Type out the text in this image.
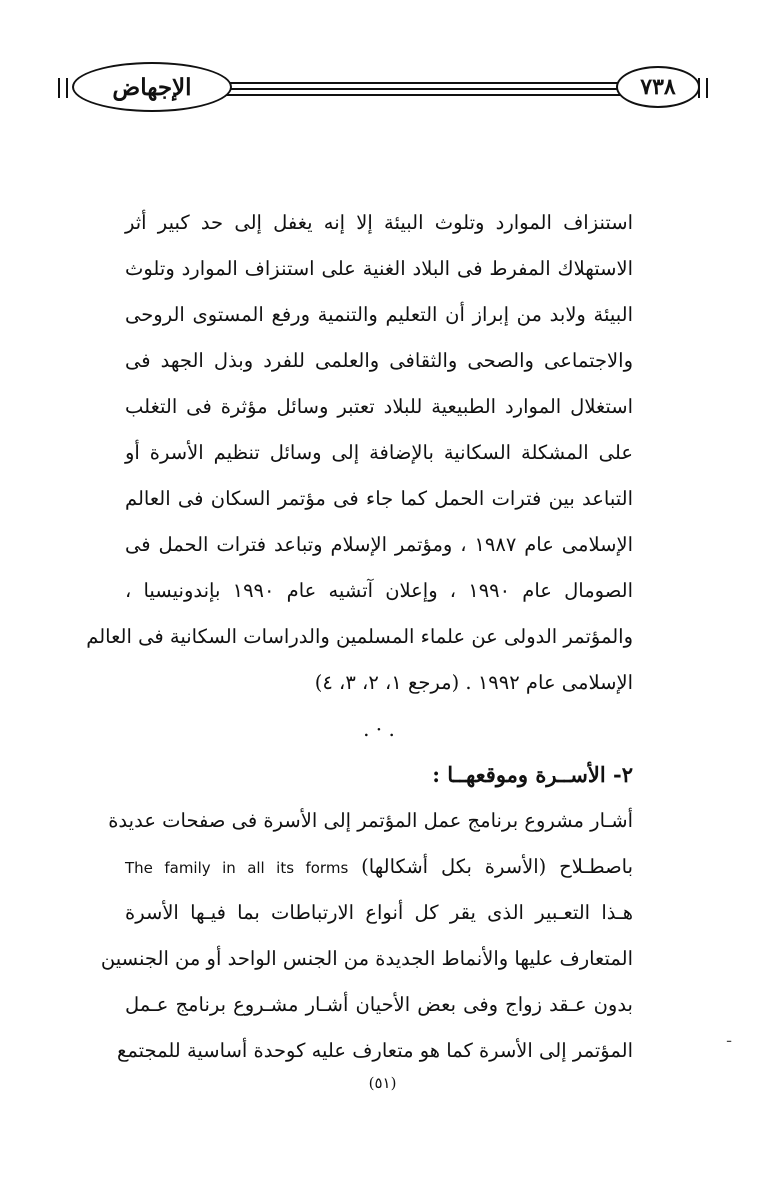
الإجهاض	٧٣٨
استنزاف الموارد وتلوث البيئة إلا إنه يغفل إلى حد كبير أثر
الاستهلاك المفرط فى البلاد الغنية على استنزاف الموارد وتلوث
البيئة ولابد من إبراز أن التعليم والتنمية ورفع المستوى الروحى
والاجتماعى والصحى والثقافى والعلمى للفرد وبذل الجهد فى
استغلال الموارد الطبيعية للبلاد تعتبر وسائل مؤثرة فى التغلب
على المشكلة السكانية بالإضافة إلى وسائل تنظيم الأسرة أو
التباعد بين فترات الحمل كما جاء فى مؤتمر السكان فى العالم
الإسلامى عام ١٩٨٧ ، ومؤتمر الإسلام وتباعد فترات الحمل فى
الصومال عام ١٩٩٠ ، وإعلان آتشيه عام ١٩٩٠ بإندونيسيا ،
والمؤتمر الدولى عن علماء المسلمين والدراسات السكانية فى العالم
الإسلامى عام ١٩٩٢ . (مرجع ١، ٢، ٣، ٤)
. · .
٢- الأســرة وموقعهــا :
أشـار مشروع برنامج عمل المؤتمر إلى الأسرة فى صفحات عديدة
باصطـلاح (الأسرة بكل أشكالها) The family in all its forms
هـذا التعـبير الذى يقر كل أنواع الارتباطات بما فيـها الأسرة
المتعارف عليها والأنماط الجديدة من الجنس الواحد أو من الجنسين
بدون عـقد زواج وفى بعض الأحيان أشـار مشـروع برنامج عـمل
المؤتمر إلى الأسرة كما هو متعارف عليه كوحدة أساسية للمجتمع
(٥١)
ـ
